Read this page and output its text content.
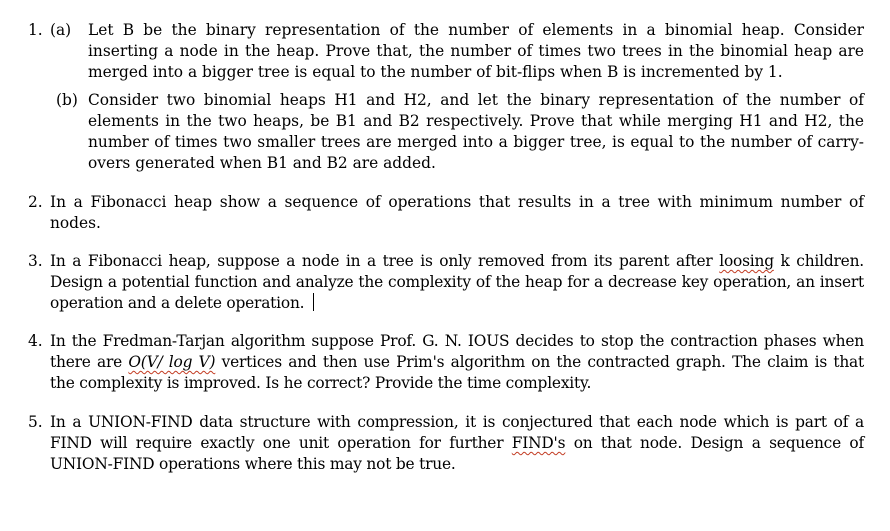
1. (a) Let B be the binary representation of the number of elements in a binomial heap. Consider inserting a node in the heap. Prove that, the number of times two trees in the binomial heap are merged into a bigger tree is equal to the number of bit-flips when B is incremented by 1.
(b) Consider two binomial heaps H1 and H2, and let the binary representation of the number of elements in the two heaps, be B1 and B2 respectively. Prove that while merging H1 and H2, the number of times two smaller trees are merged into a bigger tree, is equal to the number of carry-overs generated when B1 and B2 are added.
2. In a Fibonacci heap show a sequence of operations that results in a tree with minimum number of nodes.
3. In a Fibonacci heap, suppose a node in a tree is only removed from its parent after loosing k children. Design a potential function and analyze the complexity of the heap for a decrease key operation, an insert operation and a delete operation.
4. In the Fredman-Tarjan algorithm suppose Prof. G. N. IOUS decides to stop the contraction phases when there are O(V/ log V) vertices and then use Prim's algorithm on the contracted graph. The claim is that the complexity is improved. Is he correct? Provide the time complexity.
5. In a UNION-FIND data structure with compression, it is conjectured that each node which is part of a FIND will require exactly one unit operation for further FIND's on that node. Design a sequence of UNION-FIND operations where this may not be true.
